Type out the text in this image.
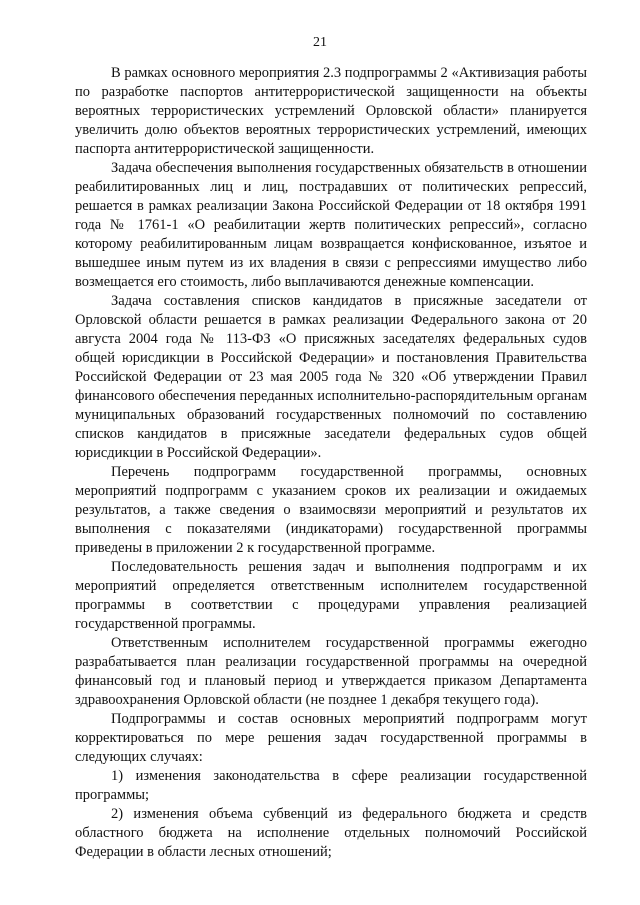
21

В рамках основного мероприятия 2.3 подпрограммы 2 «Активизация работы по разработке паспортов антитеррористической защищенности на объекты вероятных террористических устремлений Орловской области» планируется увеличить долю объектов вероятных террористических устремлений, имеющих паспорта антитеррористической защищенности.

Задача обеспечения выполнения государственных обязательств в отношении реабилитированных лиц и лиц, пострадавших от политических репрессий, решается в рамках реализации Закона Российской Федерации от 18 октября 1991 года № 1761-1 «О реабилитации жертв политических репрессий», согласно которому реабилитированным лицам возвращается конфискованное, изъятое и вышедшее иным путем из их владения в связи с репрессиями имущество либо возмещается его стоимость, либо выплачиваются денежные компенсации.

Задача составления списков кандидатов в присяжные заседатели от Орловской области решается в рамках реализации Федерального закона от 20 августа 2004 года № 113-ФЗ «О присяжных заседателях федеральных судов общей юрисдикции в Российской Федерации» и постановления Правительства Российской Федерации от 23 мая 2005 года № 320 «Об утверждении Правил финансового обеспечения переданных исполнительно-распорядительным органам муниципальных образований государственных полномочий по составлению списков кандидатов в присяжные заседатели федеральных судов общей юрисдикции в Российской Федерации».

Перечень подпрограмм государственной программы, основных мероприятий подпрограмм с указанием сроков их реализации и ожидаемых результатов, а также сведения о взаимосвязи мероприятий и результатов их выполнения с показателями (индикаторами) государственной программы приведены в приложении 2 к государственной программе.

Последовательность решения задач и выполнения подпрограмм и их мероприятий определяется ответственным исполнителем государственной программы в соответствии с процедурами управления реализацией государственной программы.

Ответственным исполнителем государственной программы ежегодно разрабатывается план реализации государственной программы на очередной финансовый год и плановый период и утверждается приказом Департамента здравоохранения Орловской области (не позднее 1 декабря текущего года).

Подпрограммы и состав основных мероприятий подпрограмм могут корректироваться по мере решения задач государственной программы в следующих случаях:

1) изменения законодательства в сфере реализации государственной программы;

2) изменения объема субвенций из федерального бюджета и средств областного бюджета на исполнение отдельных полномочий Российской Федерации в области лесных отношений;
